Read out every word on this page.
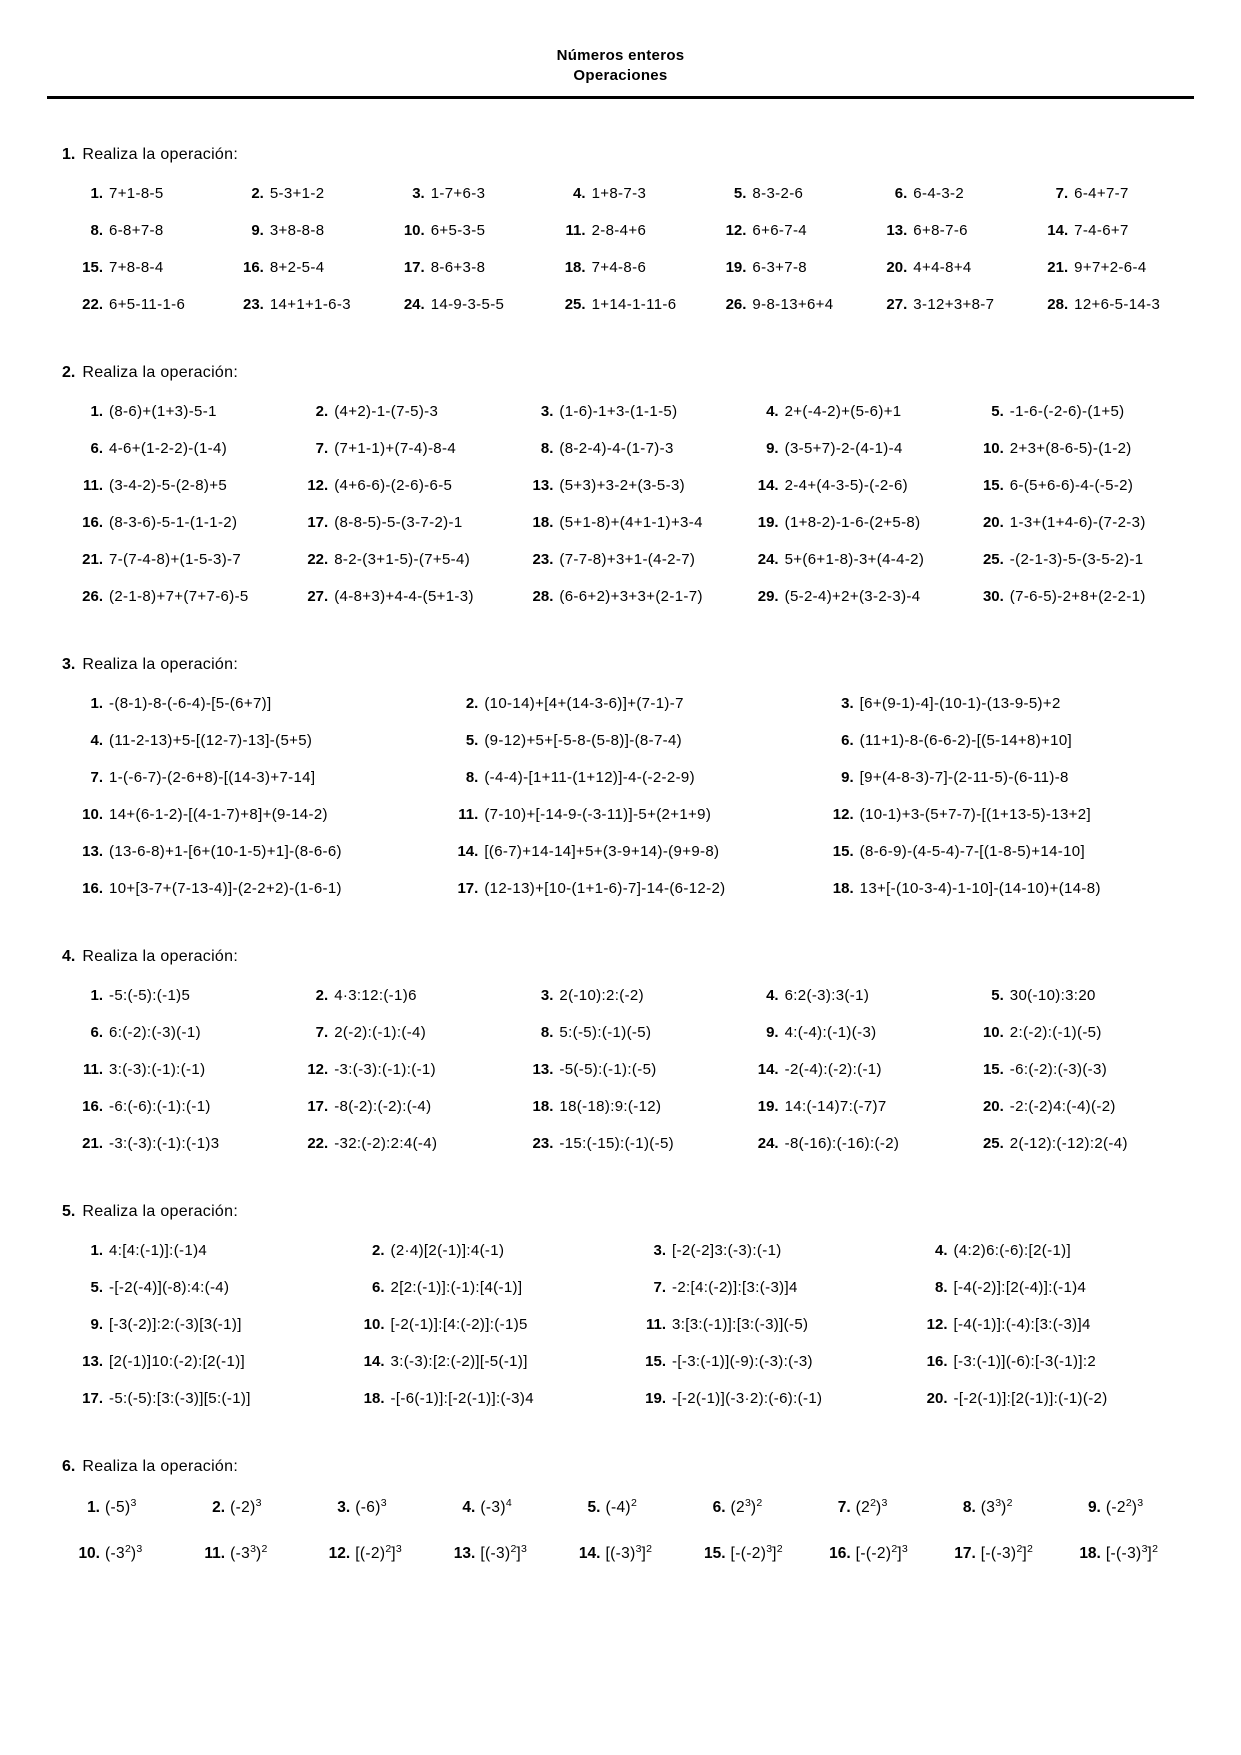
Números enteros
Operaciones
1. Realiza la operación:
1. 7+1-8-5	2. 5-3+1-2	3. 1-7+6-3	4. 1+8-7-3	5. 8-3-2-6	6. 6-4-3-2	7. 6-4+7-7
8. 6-8+7-8	9. 3+8-8-8	10. 6+5-3-5	11. 2-8-4+6	12. 6+6-7-4	13. 6+8-7-6	14. 7-4-6+7
15. 7+8-8-4	16. 8+2-5-4	17. 8-6+3-8	18. 7+4-8-6	19. 6-3+7-8	20. 4+4-8+4	21. 9+7+2-6-4
22. 6+5-11-1-6	23. 14+1+1-6-3	24. 14-9-3-5-5	25. 1+14-1-11-6	26. 9-8-13+6+4	27. 3-12+3+8-7	28. 12+6-5-14-3
2. Realiza la operación:
1. (8-6)+(1+3)-5-1	2. (4+2)-1-(7-5)-3	3. (1-6)-1+3-(1-1-5)	4. 2+(-4-2)+(5-6)+1	5. -1-6-(-2-6)-(1+5)
6. 4-6+(1-2-2)-(1-4)	7. (7+1-1)+(7-4)-8-4	8. (8-2-4)-4-(1-7)-3	9. (3-5+7)-2-(4-1)-4	10. 2+3+(8-6-5)-(1-2)
11. (3-4-2)-5-(2-8)+5	12. (4+6-6)-(2-6)-6-5	13. (5+3)+3-2+(3-5-3)	14. 2-4+(4-3-5)-(-2-6)	15. 6-(5+6-6)-4-(-5-2)
16. (8-3-6)-5-1-(1-1-2)	17. (8-8-5)-5-(3-7-2)-1	18. (5+1-8)+(4+1-1)+3-4	19. (1+8-2)-1-6-(2+5-8)	20. 1-3+(1+4-6)-(7-2-3)
21. 7-(7-4-8)+(1-5-3)-7	22. 8-2-(3+1-5)-(7+5-4)	23. (7-7-8)+3+1-(4-2-7)	24. 5+(6+1-8)-3+(4-4-2)	25. -(2-1-3)-5-(3-5-2)-1
26. (2-1-8)+7+(7+7-6)-5	27. (4-8+3)+4-4-(5+1-3)	28. (6-6+2)+3+3+(2-1-7)	29. (5-2-4)+2+(3-2-3)-4	30. (7-6-5)-2+8+(2-2-1)
3. Realiza la operación:
1. -(8-1)-8-(-6-4)-[5-(6+7)]	2. (10-14)+[4+(14-3-6)]+(7-1)-7	3. [6+(9-1)-4]-(10-1)-(13-9-5)+2
4. (11-2-13)+5-[(12-7)-13]-(5+5)	5. (9-12)+5+[-5-8-(5-8)]-(8-7-4)	6. (11+1)-8-(6-6-2)-[(5-14+8)+10]
7. 1-(-6-7)-(2-6+8)-[(14-3)+7-14]	8. (-4-4)-[1+11-(1+12)]-4-(-2-2-9)	9. [9+(4-8-3)-7]-(2-11-5)-(6-11)-8
10. 14+(6-1-2)-[(4-1-7)+8]+(9-14-2)	11. (7-10)+[-14-9-(-3-11)]-5+(2+1+9)	12. (10-1)+3-(5+7-7)-[(1+13-5)-13+2]
13. (13-6-8)+1-[6+(10-1-5)+1]-(8-6-6)	14. [(6-7)+14-14]+5+(3-9+14)-(9+9-8)	15. (8-6-9)-(4-5-4)-7-[(1-8-5)+14-10]
16. 10+[3-7+(7-13-4)]-(2-2+2)-(1-6-1)	17. (12-13)+[10-(1+1-6)-7]-14-(6-12-2)	18. 13+[-(10-3-4)-1-10]-(14-10)+(14-8)
4. Realiza la operación:
1. -5:(-5):(-1)5	2. 4·3:12:(-1)6	3. 2(-10):2:(-2)	4. 6:2(-3):3(-1)	5. 30(-10):3:20
6. 6:(-2):(-3)(-1)	7. 2(-2):(-1):(-4)	8. 5:(-5):(-1)(-5)	9. 4:(-4):(-1)(-3)	10. 2:(-2):(-1)(-5)
11. 3:(-3):(-1):(-1)	12. -3:(-3):(-1):(-1)	13. -5(-5):(-1):(-5)	14. -2(-4):(-2):(-1)	15. -6:(-2):(-3)(-3)
16. -6:(-6):(-1):(-1)	17. -8(-2):(-2):(-4)	18. 18(-18):9:(-12)	19. 14:(-14)7:(-7)7	20. -2:(-2)4:(-4)(-2)
21. -3:(-3):(-1):(-1)3	22. -32:(-2):2:4(-4)	23. -15:(-15):(-1)(-5)	24. -8(-16):(-16):(-2)	25. 2(-12):(-12):2(-4)
5. Realiza la operación:
1. 4:[4:(-1)]:(-1)4	2. (2·4)[2(-1)]:4(-1)	3. [-2(-2]3:(-3):(-1)	4. (4:2)6:(-6):[2(-1)]
5. -[-2(-4)](-8):4:(-4)	6. 2[2:(-1)]:(-1):[4(-1)]	7. -2:[4:(-2)]:[3:(-3)]4	8. [-4(-2)]:[2(-4)]:(-1)4
9. [-3(-2)]:2:(-3)[3(-1)]	10. [-2(-1)]:[4:(-2)]:(-1)5	11. 3:[3:(-1)]:[3:(-3)](-5)	12. [-4(-1)]:(-4):[3:(-3)]4
13. [2(-1)]10:(-2):[2(-1)]	14. 3:(-3):[2:(-2)][-5(-1)]	15. -[-3:(-1)](-9):(-3):(-3)	16. [-3:(-1)](-6):[-3(-1)]:2
17. -5:(-5):[3:(-3)][5:(-1)]	18. -[-6(-1)]:[-2(-1)]:(-3)4	19. -[-2(-1)](-3·2):(-6):(-1)	20. -[-2(-1)]:[2(-1)]:(-1)(-2)
6. Realiza la operación:
1. $(-5)^3$	2. $(-2)^3$	3. $(-6)^3$	4. $(-3)^4$	5. $(-4)^2$	6. $(2^3)^2$	7. $(2^2)^3$	8. $(3^3)^2$	9. $(-2^2)^3$
10. $(-3^2)^3$	11. $(-3^3)^2$	12. $[(-2)^2]^3$	13. $[(-3)^2]^3$	14. $[(-3)^3]^2$	15. $[-(-2)^3]^2$	16. $[-(-2)^2]^3$	17. $[-(-3)^2]^2$	18. $[-(-3)^3]^2$
